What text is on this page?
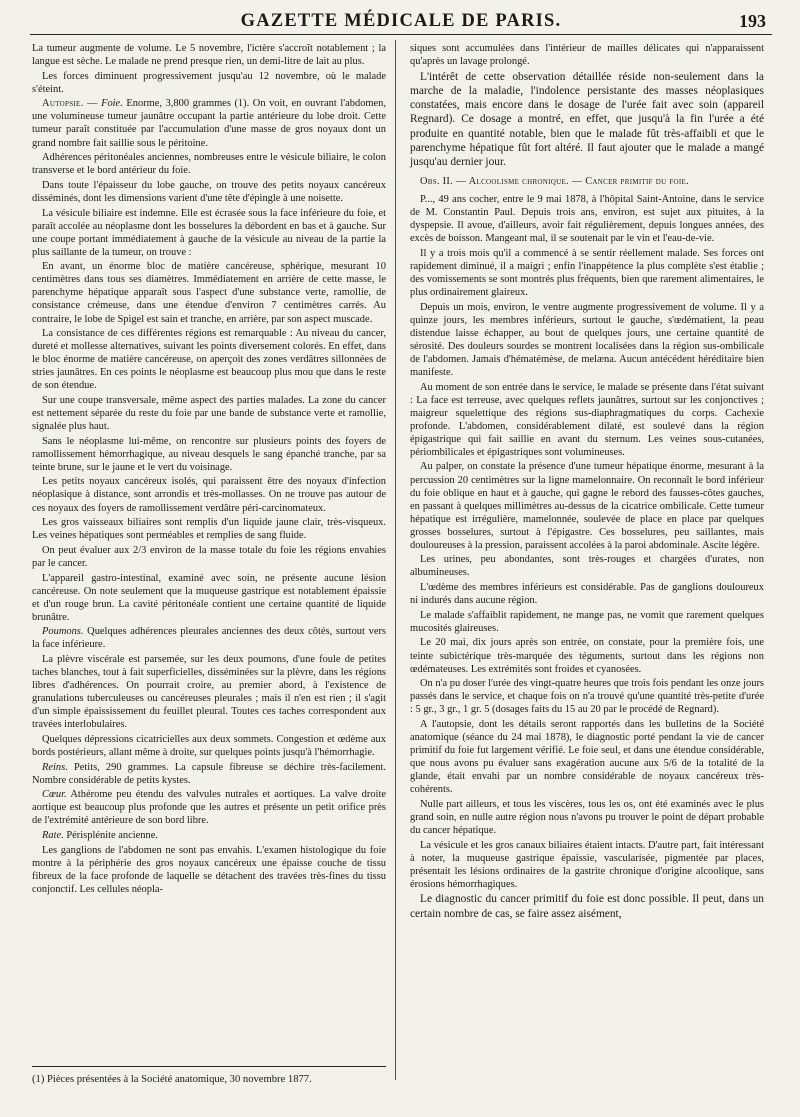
GAZETTE MÉDICALE DE PARIS.	193

La tumeur augmente de volume. Le 5 novembre, l'ictère s'accroît notablement ; la langue est sèche. Le malade ne prend presque rien, un demi-litre de lait au plus.

Les forces diminuent progressivement jusqu'au 12 novembre, où le malade s'éteint.

Autopsie. — Foie. Enorme, 3,800 grammes (1). On voit, en ouvrant l'abdomen, une volumineuse tumeur jaunâtre occupant la partie antérieure du lobe droit. Cette tumeur paraît constituée par l'accumulation d'une masse de gros noyaux dont un grand nombre fait saillie sous le péritoine.

Adhérences péritonéales anciennes, nombreuses entre le vésicule biliaire, le colon transverse et le bord antérieur du foie.

Dans toute l'épaisseur du lobe gauche, on trouve des petits noyaux cancéreux disséminés, dont les dimensions varient d'une tête d'épingle à une noisette.

La vésicule biliaire est indemne. Elle est écrasée sous la face inférieure du foie, et paraît accolée au néoplasme dont les bosselures la débordent en bas et à gauche. Sur une coupe portant immédiatement à gauche de la vésicule au niveau de la partie la plus saillante de la tumeur, on trouve :

En avant, un énorme bloc de matière cancéreuse, sphérique, mesurant 10 centimètres dans tous ses diamètres. Immédiatement en arrière de cette masse, le parenchyme hépatique apparaît sous l'aspect d'une substance verte, ramollie, de consistance crémeuse, dans une étendue d'environ 7 centimètres carrés. Au contraire, le lobe de Spigel est sain et tranche, en arrière, par son aspect muscade.

La consistance de ces différentes régions est remarquable : Au niveau du cancer, dureté et mollesse alternatives, suivant les points diversement colorés. En effet, dans le bloc énorme de matière cancéreuse, on aperçoit des zones verdâtres sillonnées de stries jaunâtres. En ces points le néoplasme est beaucoup plus mou que dans le reste de son étendue.

Sur une coupe transversale, même aspect des parties malades. La zone du cancer est nettement séparée du reste du foie par une bande de substance verte et ramollie, signalée plus haut.

Sans le néoplasme lui-même, on rencontre sur plusieurs points des foyers de ramollissement hémorrhagique, au niveau desquels le sang épanché tranche, par sa teinte brune, sur le jaune et le vert du voisinage.

Les petits noyaux cancéreux isolés, qui paraissent être des noyaux d'infection néoplasique à distance, sont arrondis et très-mollasses. On ne trouve pas autour de ces noyaux des foyers de ramollissement verdâtre péri-carcinomateux.

Les gros vaisseaux biliaires sont remplis d'un liquide jaune clair, très-visqueux. Les veines hépatiques sont perméables et remplies de sang fluide.

On peut évaluer aux 2/3 environ de la masse totale du foie les régions envahies par le cancer.

L'appareil gastro-intestinal, examiné avec soin, ne présente aucune lésion cancéreuse. On note seulement que la muqueuse gastrique est notablement épaissie et d'un rouge brun. La cavité péritonéale contient une certaine quantité de liquide brunâtre.

Poumons. Quelques adhérences pleurales anciennes des deux côtés, surtout vers la face inférieure.

La plèvre viscérale est parsemée, sur les deux poumons, d'une foule de petites taches blanches, tout à fait superficielles, disséminées sur la plèvre, dans les régions libres d'adhérences. On pourrait croire, au premier abord, à l'existence de granulations tuberculeuses ou cancéreuses pleurales ; mais il n'en est rien ; il s'agit d'un simple épaississement du feuillet pleural. Toutes ces taches correspondent aux travées interlobulaires.

Quelques dépressions cicatricielles aux deux sommets. Congestion et œdème aux bords postérieurs, allant même à droite, sur quelques points jusqu'à l'hémorrhagie.

Reins. Petits, 290 grammes. La capsule fibreuse se déchire très-facilement. Nombre considérable de petits kystes.

Cœur. Athérome peu étendu des valvules nutrales et aortiques. La valve droite aortique est beaucoup plus profonde que les autres et présente un petit orifice près de l'extrémité antérieure de son bord libre.

Rate. Périsplénite ancienne.

Les ganglions de l'abdomen ne sont pas envahis. L'examen histologique du foie montre à la périphérie des gros noyaux cancéreux une épaisse couche de tissu fibreux de la face profonde de laquelle se détachent des travées très-fines du tissu conjonctif. Les cellules néopla-

siques sont accumulées dans l'intérieur de mailles délicates qui n'apparaissent qu'après un lavage prolongé.

L'intérêt de cette observation détaillée réside non-seulement dans la marche de la maladie, l'indolence persistante des masses néoplasiques constatées, mais encore dans le dosage de l'urée fait avec soin (appareil Regnard). Ce dosage a montré, en effet, que jusqu'à la fin l'urée a été produite en quantité notable, bien que le malade fût très-affaibli et que le parenchyme hépatique fût fort altéré. Il faut ajouter que le malade a mangé jusqu'au dernier jour.

Obs. II. — Alcoolisme chronique. — Cancer primitif du foie.

P..., 49 ans cocher, entre le 9 mai 1878, à l'hôpital Saint-Antoine, dans le service de M. Constantin Paul. Depuis trois ans, environ, est sujet aux pituites, à la dyspepsie. Il avoue, d'ailleurs, avoir fait régulièrement, depuis longues années, des excès de boisson. Mangeant mal, il se soutenait par le vin et l'eau-de-vie.

Il y a trois mois qu'il a commencé à se sentir réellement malade. Ses forces ont rapidement diminué, il a maigri ; enfin l'inappétence la plus complète s'est établie ; des vomissements se sont montrés plus fréquents, bien que rarement alimentaires, le plus ordinairement glaireux.

Depuis un mois, environ, le ventre augmente progressivement de volume. Il y a quinze jours, les membres inférieurs, surtout le gauche, s'œdématient, la peau distendue laisse échapper, au bout de quelques jours, une certaine quantité de sérosité. Des douleurs sourdes se montrent localisées dans la région sus-ombilicale de l'abdomen. Jamais d'hématémèse, de melæna. Aucun antécédent héréditaire bien manifeste.

Au moment de son entrée dans le service, le malade se présente dans l'état suivant : La face est terreuse, avec quelques reflets jaunâtres, surtout sur les conjonctives ; maigreur squelettique des régions sus-diaphragmatiques du corps. Cachexie profonde. L'abdomen, considérablement dilaté, est soulevé dans la région épigastrique qui fait saillie en avant du sternum. Les veines sous-cutanées, périombilicales et épigastriques sont volumineuses.

Au palper, on constate la présence d'une tumeur hépatique énorme, mesurant à la percussion 20 centimètres sur la ligne mamelonnaire. On reconnaît le bord inférieur du foie oblique en haut et à gauche, qui gagne le rebord des fausses-côtes gauches, en passant à quelques millimètres au-dessus de la cicatrice ombilicale. Cette tumeur hépatique est irrégulière, mamelonnée, soulevée de place en place par quelques grosses bosselures, surtout à l'épigastre. Ces bosselures, peu saillantes, mais douloureuses à la pression, paraissent accolées à la paroi abdominale. Ascite légère.

Les urines, peu abondantes, sont très-rouges et chargées d'urates, non albumineuses.

L'œdème des membres inférieurs est considérable. Pas de ganglions douloureux ni indurés dans aucune région.

Le malade s'affaiblit rapidement, ne mange pas, ne vomit que rarement quelques mucosités glaireuses.

Le 20 mai, dix jours après son entrée, on constate, pour la première fois, une teinte subictérique très-marquée des téguments, surtout dans les régions non œdémateuses. Les extrémités sont froides et cyanosées.

On n'a pu doser l'urée des vingt-quatre heures que trois fois pendant les onze jours passés dans le service, et chaque fois on n'a trouvé qu'une quantité très-petite d'urée : 5 gr., 3 gr., 1 gr. 5 (dosages faits du 15 au 20 par le procédé de Regnard).

A l'autopsie, dont les détails seront rapportés dans les bulletins de la Société anatomique (séance du 24 mai 1878), le diagnostic porté pendant la vie de cancer primitif du foie fut largement vérifié. Le foie seul, et dans une étendue considérable, que nous avons pu évaluer sans exagération aucune aux 5/6 de la totalité de la glande, était envahi par un nombre considérable de noyaux cancéreux très-cohérents.

Nulle part ailleurs, et tous les viscères, tous les os, ont été examinés avec le plus grand soin, en nulle autre région nous n'avons pu trouver le point de départ probable du cancer hépatique.

La vésicule et les gros canaux biliaires étaient intacts. D'autre part, fait intéressant à noter, la muqueuse gastrique épaissie, vascularisée, pigmentée par places, présentait les lésions ordinaires de la gastrite chronique d'origine alcoolique, sans érosions hémorrhagiques.

Le diagnostic du cancer primitif du foie est donc possible. Il peut, dans un certain nombre de cas, se faire assez aisément,

(1) Pièces présentées à la Société anatomique, 30 novembre 1877.
